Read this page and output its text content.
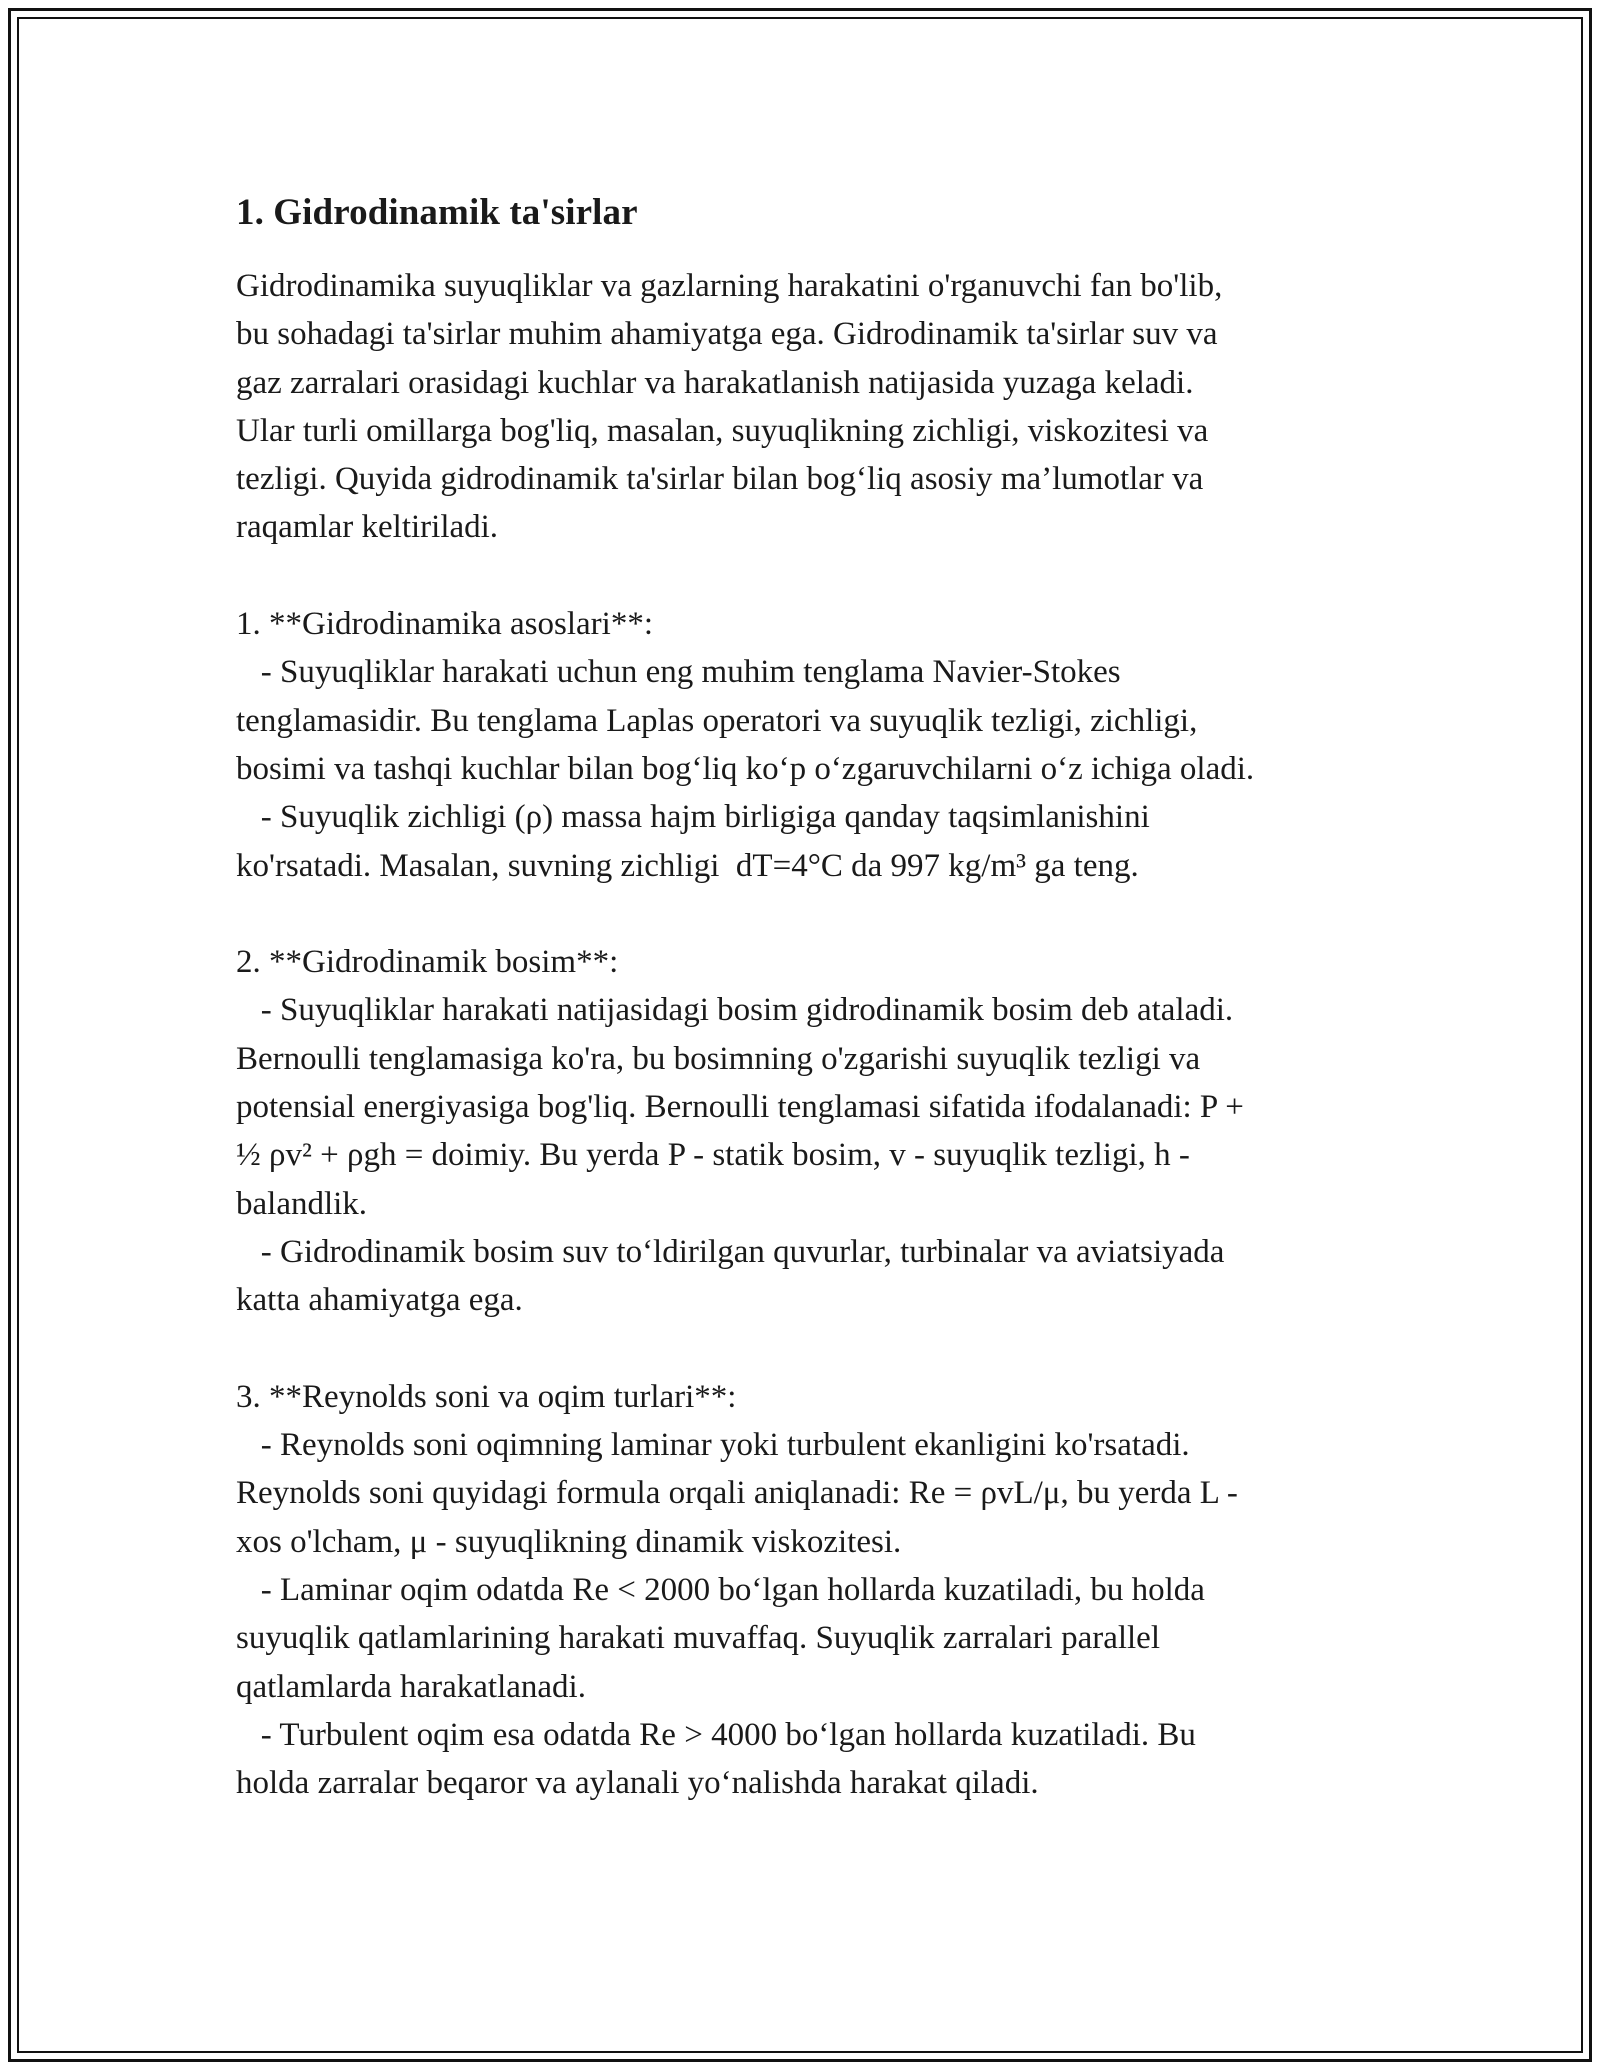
1. Gidrodinamik ta'sirlar

Gidrodinamika suyuqliklar va gazlarning harakatini o'rganuvchi fan bo'lib,
bu sohadagi ta'sirlar muhim ahamiyatga ega. Gidrodinamik ta'sirlar suv va
gaz zarralari orasidagi kuchlar va harakatlanish natijasida yuzaga keladi.
Ular turli omillarga bog'liq, masalan, suyuqlikning zichligi, viskozitesi va
tezligi. Quyida gidrodinamik ta'sirlar bilan bog‘liq asosiy ma’lumotlar va
raqamlar keltiriladi.

1. **Gidrodinamika asoslari**:

- Suyuqliklar harakati uchun eng muhim tenglama Navier-Stokes
tenglamasidir. Bu tenglama Laplas operatori va suyuqlik tezligi, zichligi,
bosimi va tashqi kuchlar bilan bog‘liq ko‘p o‘zgaruvchilarni o‘z ichiga oladi.
- Suyuqlik zichligi (ρ) massa hajm birligiga qanday taqsimlanishini
ko'rsatadi. Masalan, suvning zichligi  dT=4°C da 997 kg/m³ ga teng.

2. **Gidrodinamik bosim**:

- Suyuqliklar harakati natijasidagi bosim gidrodinamik bosim deb ataladi.
Bernoulli tenglamasiga ko'ra, bu bosimning o'zgarishi suyuqlik tezligi va
potensial energiyasiga bog'liq. Bernoulli tenglamasi sifatida ifodalanadi: P +
½ ρv² + ρgh = doimiy. Bu yerda P - statik bosim, v - suyuqlik tezligi, h -
balandlik.
- Gidrodinamik bosim suv to‘ldirilgan quvurlar, turbinalar va aviatsiyada
katta ahamiyatga ega.

3. **Reynolds soni va oqim turlari**:

- Reynolds soni oqimning laminar yoki turbulent ekanligini ko'rsatadi.
Reynolds soni quyidagi formula orqali aniqlanadi: Re = ρvL/μ, bu yerda L -
xos o'lcham, μ - suyuqlikning dinamik viskozitesi.
- Laminar oqim odatda Re < 2000 bo‘lgan hollarda kuzatiladi, bu holda
suyuqlik qatlamlarining harakati muvaffaq. Suyuqlik zarralari parallel
qatlamlarda harakatlanadi.
- Turbulent oqim esa odatda Re > 4000 bo‘lgan hollarda kuzatiladi. Bu
holda zarralar beqaror va aylanali yo‘nalishda harakat qiladi.
